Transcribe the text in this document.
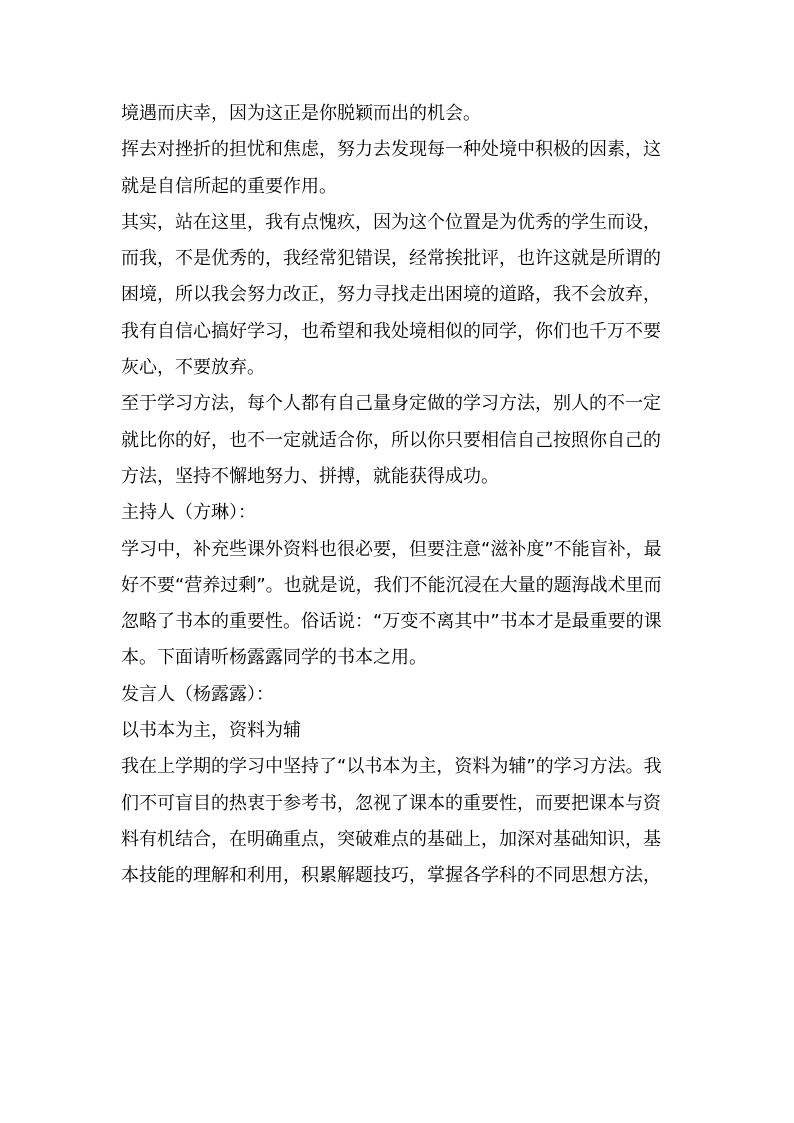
境遇而庆幸，因为这正是你脱颖而出的机会。

挥去对挫折的担忧和焦虑，努力去发现每一种处境中积极的因素，这

就是自信所起的重要作用。

其实，站在这里，我有点愧疚，因为这个位置是为优秀的学生而设，

而我，不是优秀的，我经常犯错误，经常挨批评，也许这就是所谓的

困境，所以我会努力改正，努力寻找走出困境的道路，我不会放弃，

我有自信心搞好学习，也希望和我处境相似的同学，你们也千万不要

灰心，不要放弃。

至于学习方法，每个人都有自己量身定做的学习方法，别人的不一定

就比你的好，也不一定就适合你，所以你只要相信自己按照你自己的

方法，坚持不懈地努力、拼搏，就能获得成功。

主持人（方琳）：

学习中，补充些课外资料也很必要，但要注意“滋补度”不能盲补，最

好不要“营养过剩”。也就是说，我们不能沉浸在大量的题海战术里而

忽略了书本的重要性。俗话说：“万变不离其中”书本才是最重要的课

本。下面请听杨露露同学的书本之用。

发言人（杨露露）：

以书本为主，资料为辅

我在上学期的学习中坚持了“以书本为主，资料为辅”的学习方法。我

们不可盲目的热衷于参考书，忽视了课本的重要性，而要把课本与资

料有机结合，在明确重点，突破难点的基础上，加深对基础知识，基

本技能的理解和利用，积累解题技巧，掌握各学科的不同思想方法，
